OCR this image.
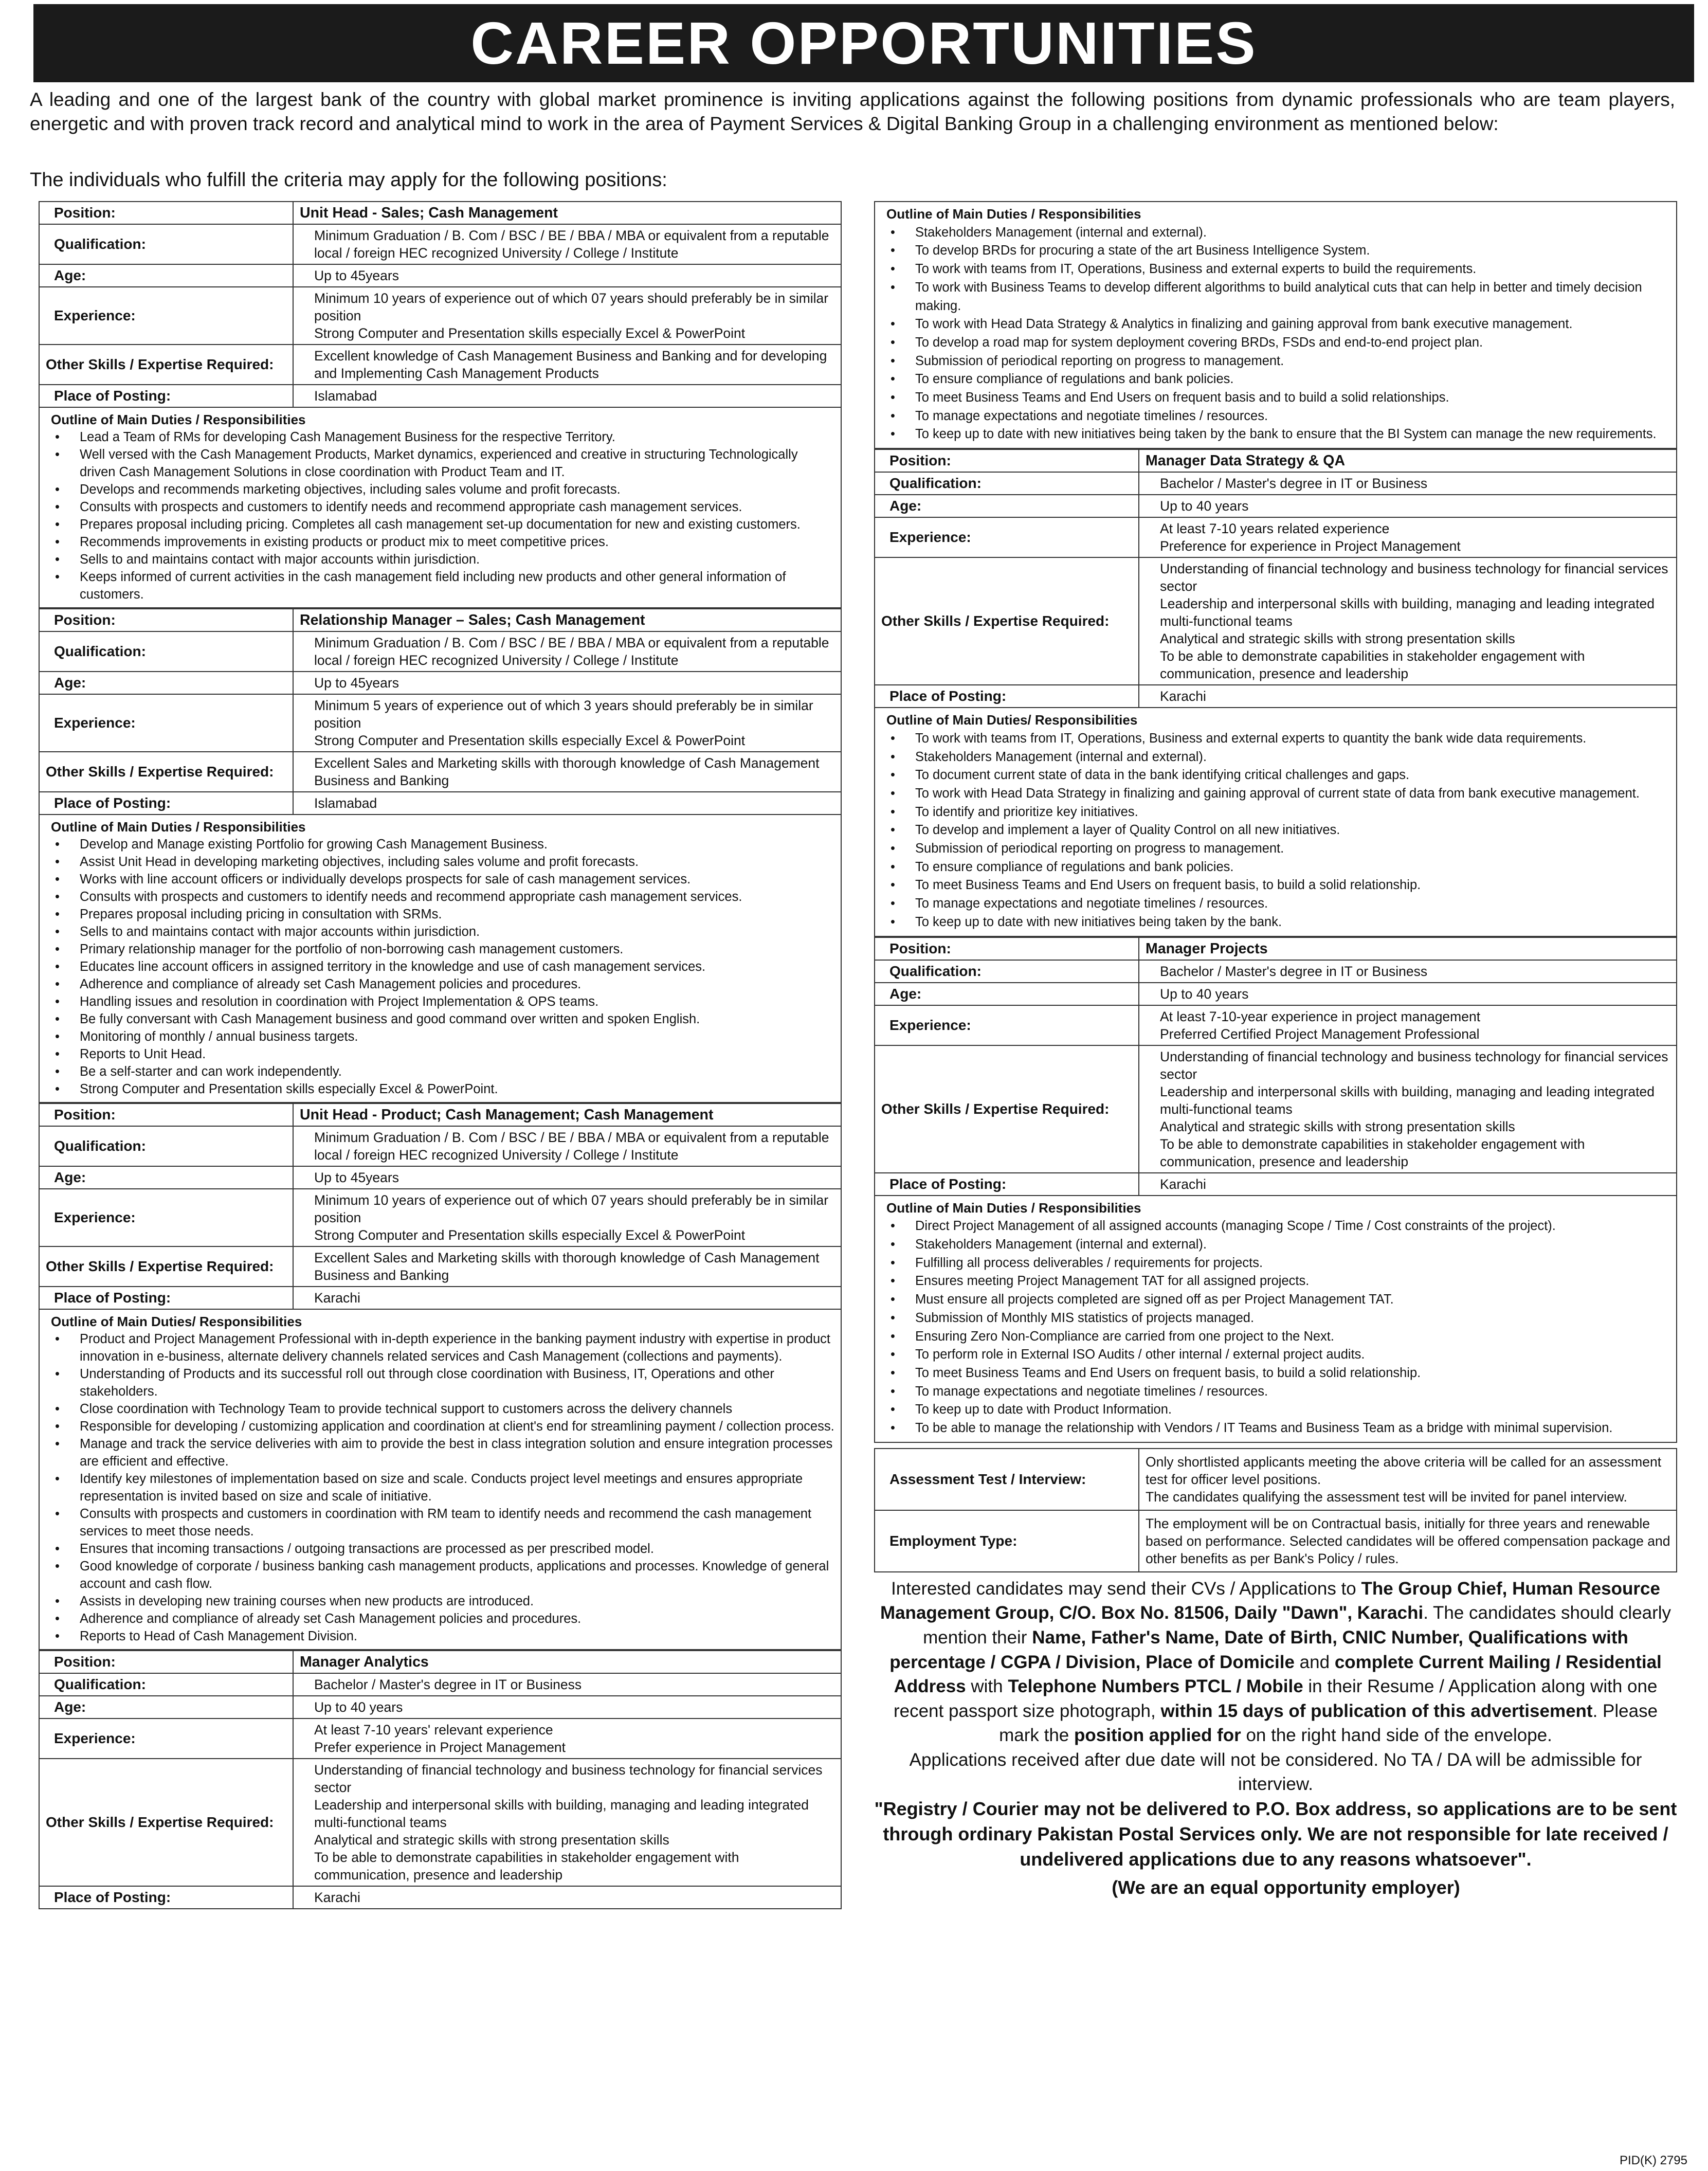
CAREER OPPORTUNITIES

A leading and one of the largest bank of the country with global market prominence is inviting applications against the following positions from dynamic professionals who are team players, energetic and with proven track record and analytical mind to work in the area of Payment Services & Digital Banking Group in a challenging environment as mentioned below:

The individuals who fulfill the criteria may apply for the following positions:

Position:	Unit Head - Sales; Cash Management
Qualification:	Minimum Graduation / B. Com / BSC / BE / BBA / MBA or equivalent from a reputable local / foreign HEC recognized University / College / Institute
Age:	Up to 45years
Experience:	Minimum 10 years of experience out of which 07 years should preferably be in similar position
Strong Computer and Presentation skills especially Excel & PowerPoint

Other Skills / Expertise Required:	Excellent knowledge of Cash Management Business and Banking and for developing and Implementing Cash Management Products

Place of Posting:	Islamabad
Outline of Main Duties / Responsibilities
• Lead a Team of RMs for developing Cash Management Business for the respective Territory.
• Well versed with the Cash Management Products, Market dynamics, experienced and creative in structuring Technologically driven Cash Management Solutions in close coordination with Product Team and IT.
• Develops and recommends marketing objectives, including sales volume and profit forecasts.
• Consults with prospects and customers to identify needs and recommend appropriate cash management services.
• Prepares proposal including pricing. Completes all cash management set-up documentation for new and existing customers.
• Recommends improvements in existing products or product mix to meet competitive prices.
• Sells to and maintains contact with major accounts within jurisdiction.
• Keeps informed of current activities in the cash management field including new products and other general information of customers.
Position:	Relationship Manager – Sales; Cash Management
Qualification:	Minimum Graduation / B. Com / BSC / BE / BBA / MBA or equivalent from a reputable local / foreign HEC recognized University / College / Institute
Age:	Up to 45years
Experience:	Minimum 5 years of experience out of which 3 years should preferably be in similar position
Strong Computer and Presentation skills especially Excel & PowerPoint

Other Skills / Expertise Required:	Excellent Sales and Marketing skills with thorough knowledge of Cash Management Business and Banking

Place of Posting:	Islamabad
Outline of Main Duties / Responsibilities
• Develop and Manage existing Portfolio for growing Cash Management Business.
• Assist Unit Head in developing marketing objectives, including sales volume and profit forecasts.
• Works with line account officers or individually develops prospects for sale of cash management services.
• Consults with prospects and customers to identify needs and recommend appropriate cash management services.
• Prepares proposal including pricing in consultation with SRMs.
• Sells to and maintains contact with major accounts within jurisdiction.
• Primary relationship manager for the portfolio of non-borrowing cash management customers.
• Educates line account officers in assigned territory in the knowledge and use of cash management services.
• Adherence and compliance of already set Cash Management policies and procedures.
• Handling issues and resolution in coordination with Project Implementation & OPS teams.
• Be fully conversant with Cash Management business and good command over written and spoken English.
• Monitoring of monthly / annual business targets.
• Reports to Unit Head.
• Be a self-starter and can work independently.
• Strong Computer and Presentation skills especially Excel & PowerPoint.
Position:	Unit Head - Product; Cash Management; Cash Management
Qualification:	Minimum Graduation / B. Com / BSC / BE / BBA / MBA or equivalent from a reputable local / foreign HEC recognized University / College / Institute
Age:	Up to 45years
Experience:	Minimum 10 years of experience out of which 07 years should preferably be in similar position
Strong Computer and Presentation skills especially Excel & PowerPoint

Other Skills / Expertise Required:	Excellent Sales and Marketing skills with thorough knowledge of Cash Management Business and Banking

Place of Posting:	Karachi
Outline of Main Duties/ Responsibilities
• Product and Project Management Professional with in-depth experience in the banking payment industry with expertise in product innovation in e-business, alternate delivery channels related services and Cash Management (collections and payments).
• Understanding of Products and its successful roll out through close coordination with Business, IT, Operations and other stakeholders.
• Close coordination with Technology Team to provide technical support to customers across the delivery channels
• Responsible for developing / customizing application and coordination at client's end for streamlining payment / collection process.
• Manage and track the service deliveries with aim to provide the best in class integration solution and ensure integration processes are efficient and effective.
• Identify key milestones of implementation based on size and scale. Conducts project level meetings and ensures appropriate representation is invited based on size and scale of initiative.
• Consults with prospects and customers in coordination with RM team to identify needs and recommend the cash management services to meet those needs.
• Ensures that incoming transactions / outgoing transactions are processed as per prescribed model.
• Good knowledge of corporate / business banking cash management products, applications and processes. Knowledge of general account and cash flow.
• Assists in developing new training courses when new products are introduced.
• Adherence and compliance of already set Cash Management policies and procedures.
• Reports to Head of Cash Management Division.
Position:	Manager Analytics
Qualification:	Bachelor / Master's degree in IT or Business
Age:	Up to 40 years
Experience:	At least 7-10 years' relevant experience
Prefer experience in Project Management

Other Skills / Expertise Required:	Understanding of financial technology and business technology for financial services sector
Leadership and interpersonal skills with building, managing and leading integrated multi-functional teams
Analytical and strategic skills with strong presentation skills
To be able to demonstrate capabilities in stakeholder engagement with communication, presence and leadership

Place of Posting:	Karachi
Outline of Main Duties / Responsibilities
• Stakeholders Management (internal and external).
• To develop BRDs for procuring a state of the art Business Intelligence System.
• To work with teams from IT, Operations, Business and external experts to build the requirements.
• To work with Business Teams to develop different algorithms to build analytical cuts that can help in better and timely decision making.
• To work with Head Data Strategy & Analytics in finalizing and gaining approval from bank executive management.
• To develop a road map for system deployment covering BRDs, FSDs and end-to-end project plan.
• Submission of periodical reporting on progress to management.
• To ensure compliance of regulations and bank policies.
• To meet Business Teams and End Users on frequent basis and to build a solid relationships.
• To manage expectations and negotiate timelines / resources.
• To keep up to date with new initiatives being taken by the bank to ensure that the BI System can manage the new requirements.
Position:	Manager Data Strategy & QA
Qualification:	Bachelor / Master's degree in IT or Business
Age:	Up to 40 years
Experience:	At least 7-10 years related experience
Preference for experience in Project Management

Other Skills / Expertise Required:	Understanding of financial technology and business technology for financial services sector
Leadership and interpersonal skills with building, managing and leading integrated multi-functional teams
Analytical and strategic skills with strong presentation skills
To be able to demonstrate capabilities in stakeholder engagement with communication, presence and leadership

Place of Posting:	Karachi
Outline of Main Duties/ Responsibilities
• To work with teams from IT, Operations, Business and external experts to quantity the bank wide data requirements.
• Stakeholders Management (internal and external).
• To document current state of data in the bank identifying critical challenges and gaps.
• To work with Head Data Strategy in finalizing and gaining approval of current state of data from bank executive management.
• To identify and prioritize key initiatives.
• To develop and implement a layer of Quality Control on all new initiatives.
• Submission of periodical reporting on progress to management.
• To ensure compliance of regulations and bank policies.
• To meet Business Teams and End Users on frequent basis, to build a solid relationship.
• To manage expectations and negotiate timelines / resources.
• To keep up to date with new initiatives being taken by the bank.
Position:	Manager Projects
Qualification:	Bachelor / Master's degree in IT or Business
Age:	Up to 40 years
Experience:	At least 7-10-year experience in project management
Preferred Certified Project Management Professional

Other Skills / Expertise Required:	Understanding of financial technology and business technology for financial services sector
Leadership and interpersonal skills with building, managing and leading integrated multi-functional teams
Analytical and strategic skills with strong presentation skills
To be able to demonstrate capabilities in stakeholder engagement with communication, presence and leadership

Place of Posting:	Karachi
Outline of Main Duties / Responsibilities
• Direct Project Management of all assigned accounts (managing Scope / Time / Cost constraints of the project).
• Stakeholders Management (internal and external).
• Fulfilling all process deliverables / requirements for projects.
• Ensures meeting Project Management TAT for all assigned projects.
• Must ensure all projects completed are signed off as per Project Management TAT.
• Submission of Monthly MIS statistics of projects managed.
• Ensuring Zero Non-Compliance are carried from one project to the Next.
• To perform role in External ISO Audits / other internal / external project audits.
• To meet Business Teams and End Users on frequent basis, to build a solid relationship.
• To manage expectations and negotiate timelines / resources.
• To keep up to date with Product Information.
• To be able to manage the relationship with Vendors / IT Teams and Business Team as a bridge with minimal supervision.
Assessment Test / Interview:	Only shortlisted applicants meeting the above criteria will be called for an assessment test for officer level positions.
The candidates qualifying the assessment test will be invited for panel interview.

Employment Type:	The employment will be on Contractual basis, initially for three years and renewable based on performance. Selected candidates will be offered compensation package and other benefits as per Bank's Policy / rules.

Interested candidates may send their CVs / Applications to The Group Chief, Human Resource Management Group, C/O. Box No. 81506, Daily "Dawn", Karachi. The candidates should clearly mention their Name, Father's Name, Date of Birth, CNIC Number, Qualifications with percentage / CGPA / Division, Place of Domicile and complete Current Mailing / Residential Address with Telephone Numbers PTCL / Mobile in their Resume / Application along with one recent passport size photograph, within 15 days of publication of this advertisement. Please mark the position applied for on the right hand side of the envelope.

Applications received after due date will not be considered. No TA / DA will be admissible for interview.

"Registry / Courier may not be delivered to P.O. Box address, so applications are to be sent through ordinary Pakistan Postal Services only. We are not responsible for late received / undelivered applications due to any reasons whatsoever".

(We are an equal opportunity employer)

PID(K) 2795
